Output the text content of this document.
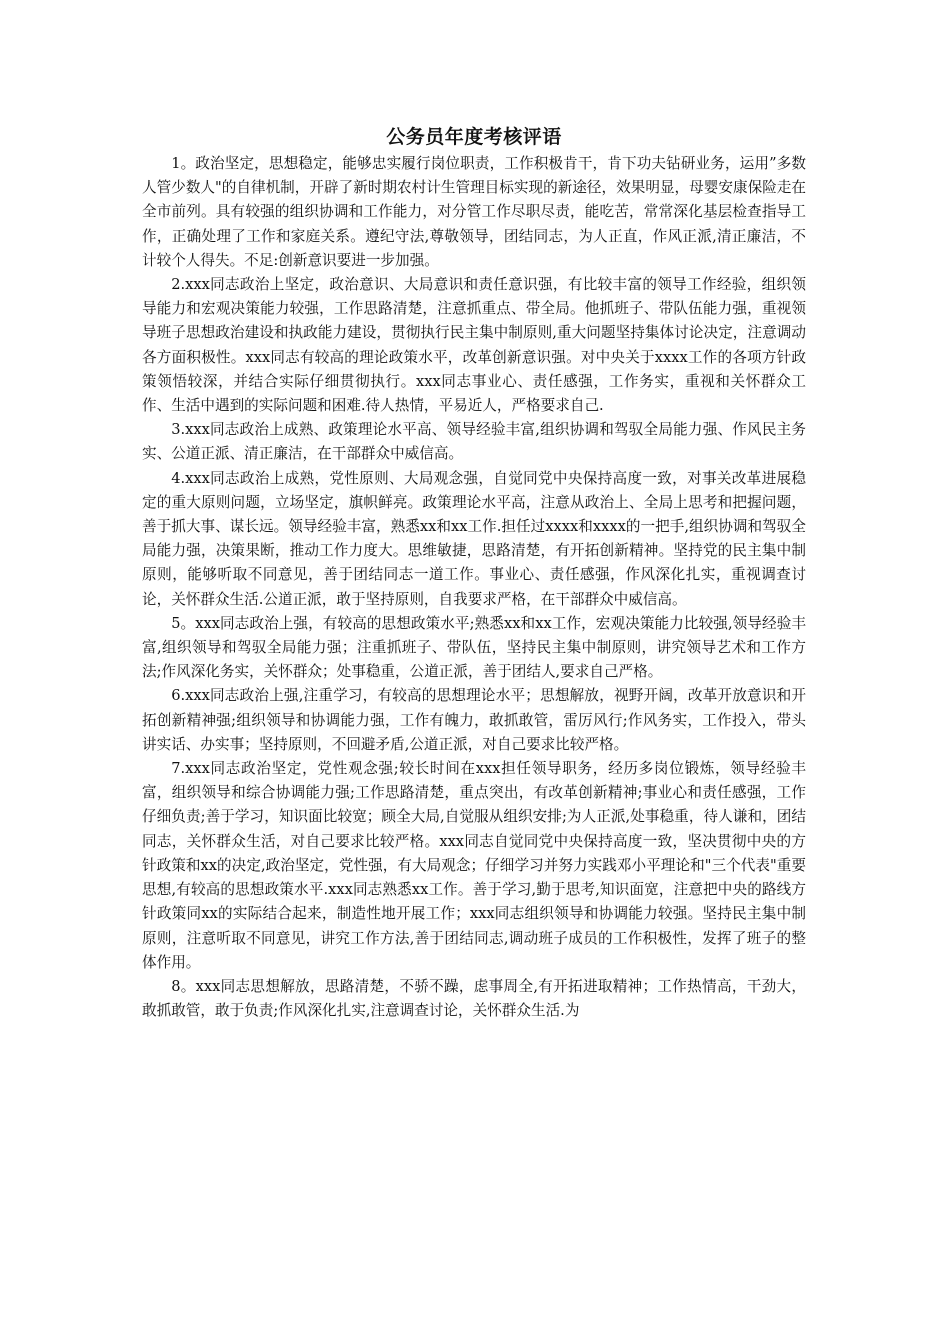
公务员年度考核评语

1。政治坚定，思想稳定，能够忠实履行岗位职责，工作积极肯干，肯下功夫钻研业务，运用”多数人管少数人"的自律机制，开辟了新时期农村计生管理目标实现的新途径，效果明显，母婴安康保险走在全市前列。具有较强的组织协调和工作能力，对分管工作尽职尽责，能吃苦，常常深化基层检查指导工作，正确处理了工作和家庭关系。遵纪守法,尊敬领导，团结同志，为人正直，作风正派,清正廉洁，不计较个人得失。不足:创新意识要进一步加强。

2.xxx同志政治上坚定，政治意识、大局意识和责任意识强，有比较丰富的领导工作经验，组织领导能力和宏观决策能力较强，工作思路清楚，注意抓重点、带全局。他抓班子、带队伍能力强，重视领导班子思想政治建设和执政能力建设，贯彻执行民主集中制原则,重大问题坚持集体讨论决定，注意调动各方面积极性。xxx同志有较高的理论政策水平，改革创新意识强。对中央关于xxxx工作的各项方针政策领悟较深，并结合实际仔细贯彻执行。xxx同志事业心、责任感强，工作务实，重视和关怀群众工作、生活中遇到的实际问题和困难.待人热情，平易近人，严格要求自己.

3.xxx同志政治上成熟、政策理论水平高、领导经验丰富,组织协调和驾驭全局能力强、作风民主务实、公道正派、清正廉洁，在干部群众中威信高。

4.xxx同志政治上成熟，党性原则、大局观念强，自觉同党中央保持高度一致，对事关改革进展稳定的重大原则问题，立场坚定，旗帜鲜亮。政策理论水平高，注意从政治上、全局上思考和把握问题，善于抓大事、谋长远。领导经验丰富，熟悉xx和xx工作.担任过xxxx和xxxx的一把手,组织协调和驾驭全局能力强，决策果断，推动工作力度大。思维敏捷，思路清楚，有开拓创新精神。坚持党的民主集中制原则，能够听取不同意见，善于团结同志一道工作。事业心、责任感强，作风深化扎实，重视调查讨论，关怀群众生活.公道正派，敢于坚持原则，自我要求严格，在干部群众中威信高。

5。xxx同志政治上强，有较高的思想政策水平;熟悉xx和xx工作，宏观决策能力比较强,领导经验丰富,组织领导和驾驭全局能力强；注重抓班子、带队伍，坚持民主集中制原则，讲究领导艺术和工作方法;作风深化务实，关怀群众；处事稳重，公道正派，善于团结人,要求自己严格。

6.xxx同志政治上强,注重学习，有较高的思想理论水平；思想解放，视野开阔，改革开放意识和开拓创新精神强;组织领导和协调能力强，工作有魄力，敢抓敢管，雷厉风行;作风务实，工作投入，带头讲实话、办实事；坚持原则，不回避矛盾,公道正派，对自己要求比较严格。

7.xxx同志政治坚定，党性观念强;较长时间在xxx担任领导职务，经历多岗位锻炼，领导经验丰富，组织领导和综合协调能力强;工作思路清楚，重点突出，有改革创新精神;事业心和责任感强，工作仔细负责;善于学习，知识面比较宽；顾全大局,自觉服从组织安排;为人正派,处事稳重，待人谦和，团结同志，关怀群众生活，对自己要求比较严格。xxx同志自觉同党中央保持高度一致，坚决贯彻中央的方针政策和xx的决定,政治坚定，党性强，有大局观念；仔细学习并努力实践邓小平理论和"三个代表"重要思想,有较高的思想政策水平.xxx同志熟悉xx工作。善于学习,勤于思考,知识面宽，注意把中央的路线方针政策同xx的实际结合起来，制造性地开展工作；xxx同志组织领导和协调能力较强。坚持民主集中制原则，注意听取不同意见，讲究工作方法,善于团结同志,调动班子成员的工作积极性，发挥了班子的整体作用。

8。xxx同志思想解放，思路清楚，不骄不躁，虑事周全,有开拓进取精神；工作热情高，干劲大，敢抓敢管，敢于负责;作风深化扎实,注意调查讨论，关怀群众生活.为
